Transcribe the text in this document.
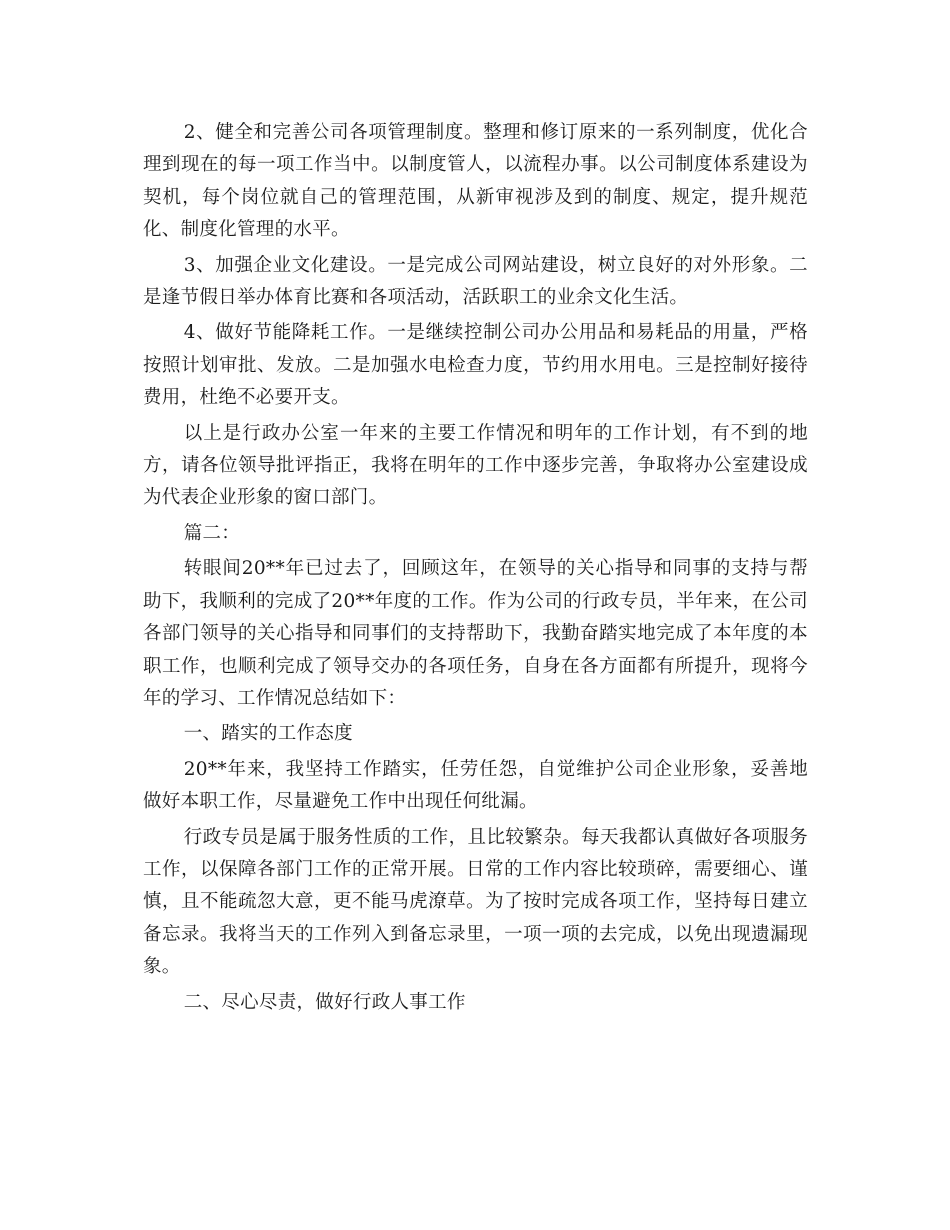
2、健全和完善公司各项管理制度。整理和修订原来的一系列制度，优化合理到现在的每一项工作当中。以制度管人，以流程办事。以公司制度体系建设为契机，每个岗位就自己的管理范围，从新审视涉及到的制度、规定，提升规范化、制度化管理的水平。

3、加强企业文化建设。一是完成公司网站建设，树立良好的对外形象。二是逢节假日举办体育比赛和各项活动，活跃职工的业余文化生活。

4、做好节能降耗工作。一是继续控制公司办公用品和易耗品的用量，严格按照计划审批、发放。二是加强水电检查力度，节约用水用电。三是控制好接待费用，杜绝不必要开支。

以上是行政办公室一年来的主要工作情况和明年的工作计划，有不到的地方，请各位领导批评指正，我将在明年的工作中逐步完善，争取将办公室建设成为代表企业形象的窗口部门。

篇二：

转眼间20**年已过去了，回顾这年，在领导的关心指导和同事的支持与帮助下，我顺利的完成了20**年度的工作。作为公司的行政专员，半年来，在公司各部门领导的关心指导和同事们的支持帮助下，我勤奋踏实地完成了本年度的本职工作，也顺利完成了领导交办的各项任务，自身在各方面都有所提升，现将今年的学习、工作情况总结如下：

一、踏实的工作态度

20**年来，我坚持工作踏实，任劳任怨，自觉维护公司企业形象，妥善地做好本职工作，尽量避免工作中出现任何纰漏。

行政专员是属于服务性质的工作，且比较繁杂。每天我都认真做好各项服务工作，以保障各部门工作的正常开展。日常的工作内容比较琐碎，需要细心、谨慎，且不能疏忽大意，更不能马虎潦草。为了按时完成各项工作，坚持每日建立备忘录。我将当天的工作列入到备忘录里，一项一项的去完成，以免出现遗漏现象。

二、尽心尽责，做好行政人事工作
